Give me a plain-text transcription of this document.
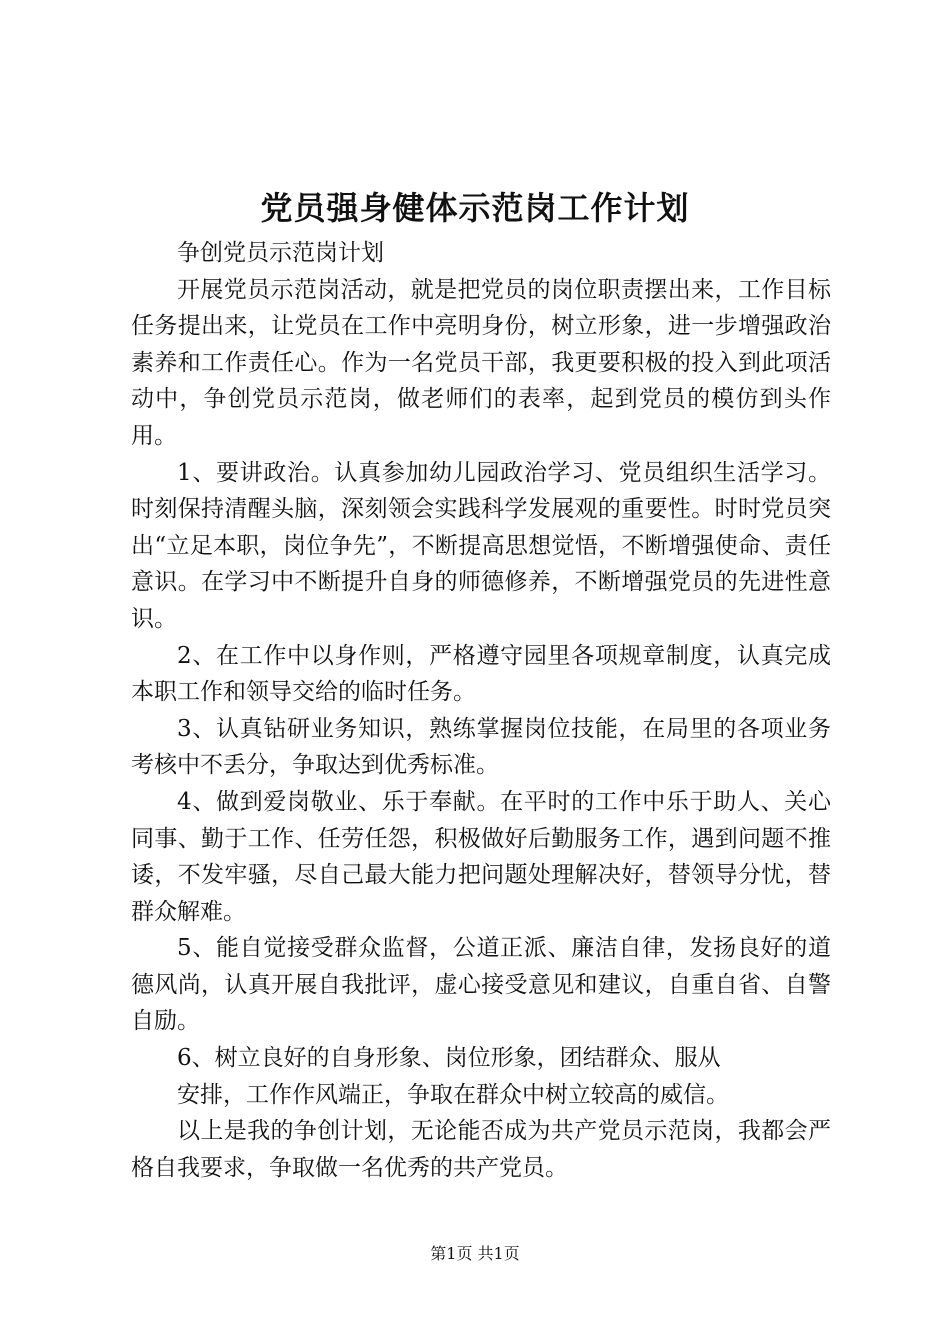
党员强身健体示范岗工作计划

争创党员示范岗计划

开展党员示范岗活动，就是把党员的岗位职责摆出来，工作目标任务提出来，让党员在工作中亮明身份，树立形象，进一步增强政治素养和工作责任心。作为一名党员干部，我更要积极的投入到此项活动中，争创党员示范岗，做老师们的表率，起到党员的模仿到头作用。

1、要讲政治。认真参加幼儿园政治学习、党员组织生活学习。时刻保持清醒头脑，深刻领会实践科学发展观的重要性。时时党员突出“立足本职，岗位争先”，不断提高思想觉悟，不断增强使命、责任意识。在学习中不断提升自身的师德修养，不断增强党员的先进性意识。

2、在工作中以身作则，严格遵守园里各项规章制度，认真完成本职工作和领导交给的临时任务。

3、认真钻研业务知识，熟练掌握岗位技能，在局里的各项业务考核中不丢分，争取达到优秀标准。

4、做到爱岗敬业、乐于奉献。在平时的工作中乐于助人、关心同事、勤于工作、任劳任怨，积极做好后勤服务工作，遇到问题不推诿，不发牢骚，尽自己最大能力把问题处理解决好，替领导分忧，替群众解难。

5、能自觉接受群众监督，公道正派、廉洁自律，发扬良好的道德风尚，认真开展自我批评，虚心接受意见和建议，自重自省、自警自励。

6、树立良好的自身形象、岗位形象，团结群众、服从

安排，工作作风端正，争取在群众中树立较高的威信。

以上是我的争创计划，无论能否成为共产党员示范岗，我都会严格自我要求，争取做一名优秀的共产党员。

第1页 共1页
